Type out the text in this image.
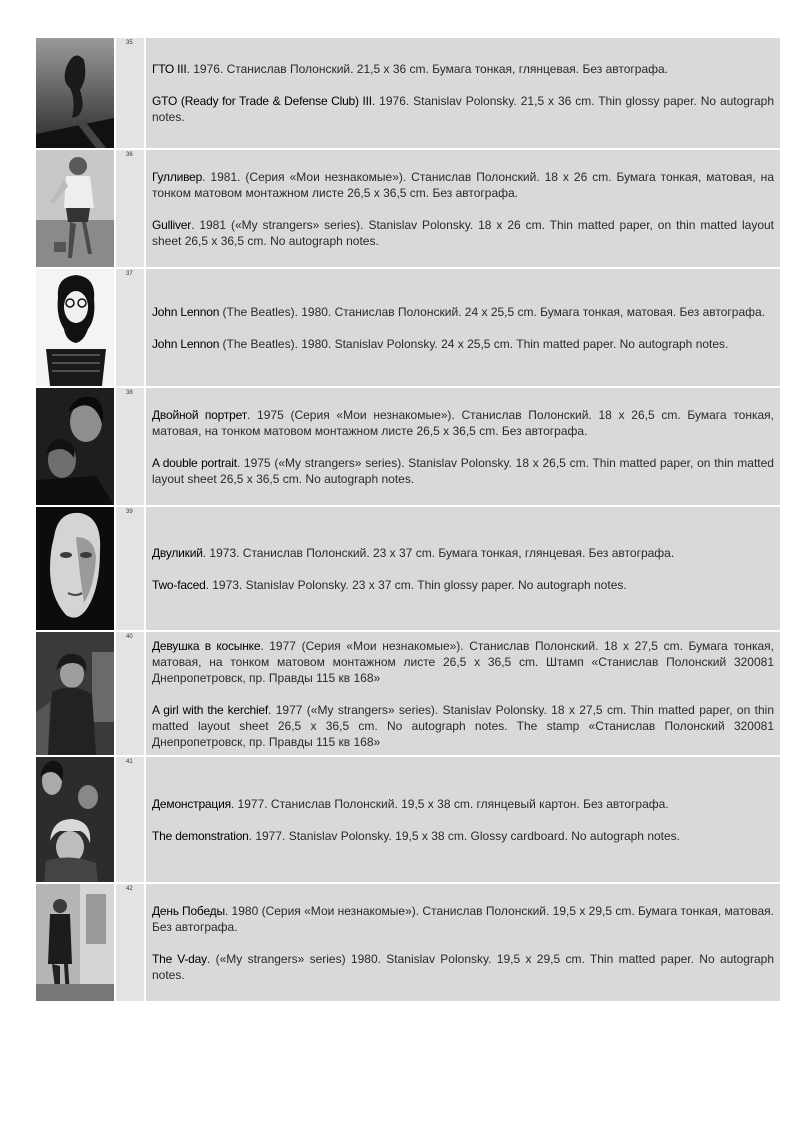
35

ГТО III. 1976. Станислав Полонский. 21,5 x 36 cm. Бумага тонкая, глянцевая. Без автографа.

GTO (Ready for Trade & Defense Club) III. 1976. Stanislav Polonsky. 21,5 x 36 cm. Thin glossy paper. No autograph notes.

36

Гулливер. 1981. (Серия «Мои незнакомые»). Станислав Полонский. 18 x 26 cm. Бумага тонкая, матовая, на тонком матовом монтажном листе 26,5 x 36,5 cm. Без автографа.

Gulliver. 1981 («My strangers» series). Stanislav Polonsky. 18 x 26 cm. Thin matted paper, on thin matted layout sheet 26,5 x 36,5 cm. No autograph notes.

37

John Lennon (The Beatles). 1980. Станислав Полонский. 24 x 25,5 cm. Бумага тонкая, матовая. Без автографа.

John Lennon (The Beatles). 1980. Stanislav Polonsky. 24 x 25,5 cm. Thin matted paper. No autograph notes.

38

Двойной портрет. 1975 (Серия «Мои незнакомые»). Станислав Полонский. 18 x 26,5 cm. Бумага тонкая, матовая, на тонком матовом монтажном листе 26,5 x 36,5 cm. Без автографа.

A double portrait. 1975 («My strangers» series). Stanislav Polonsky. 18 x 26,5 cm. Thin matted paper, on thin matted layout sheet 26,5 x 36,5 cm. No autograph notes.

39

Двуликий. 1973. Станислав Полонский. 23 x 37 cm. Бумага тонкая, глянцевая. Без автографа.

Two-faced. 1973. Stanislav Polonsky. 23 x 37 cm. Thin glossy paper. No autograph notes.

40

Девушка в косынке. 1977 (Серия «Мои незнакомые»). Станислав Полонский. 18 x 27,5 cm. Бумага тонкая, матовая, на тонком матовом монтажном листе 26,5 x 36,5 cm. Штамп «Станислав Полонский 320081 Днепропетровск, пр. Правды 115 кв 168»

A girl with the kerchief. 1977 («My strangers» series). Stanislav Polonsky. 18 x 27,5 cm. Thin matted paper, on thin matted layout sheet 26,5 x 36,5 cm. No autograph notes. The stamp «Станислав Полонский 320081 Днепропетровск, пр. Правды 115 кв 168»

41

Демонстрация. 1977. Станислав Полонский. 19,5 x 38 cm. глянцевый картон. Без автографа.

The demonstration. 1977. Stanislav Polonsky. 19,5 x 38 cm. Glossy cardboard. No autograph notes.

42

День Победы. 1980 (Серия «Мои незнакомые»). Станислав Полонский. 19,5 x 29,5 cm. Бумага тонкая, матовая. Без автографа.

The V-day. («My strangers» series) 1980. Stanislav Polonsky. 19,5 x 29,5 cm. Thin matted paper. No autograph notes.
